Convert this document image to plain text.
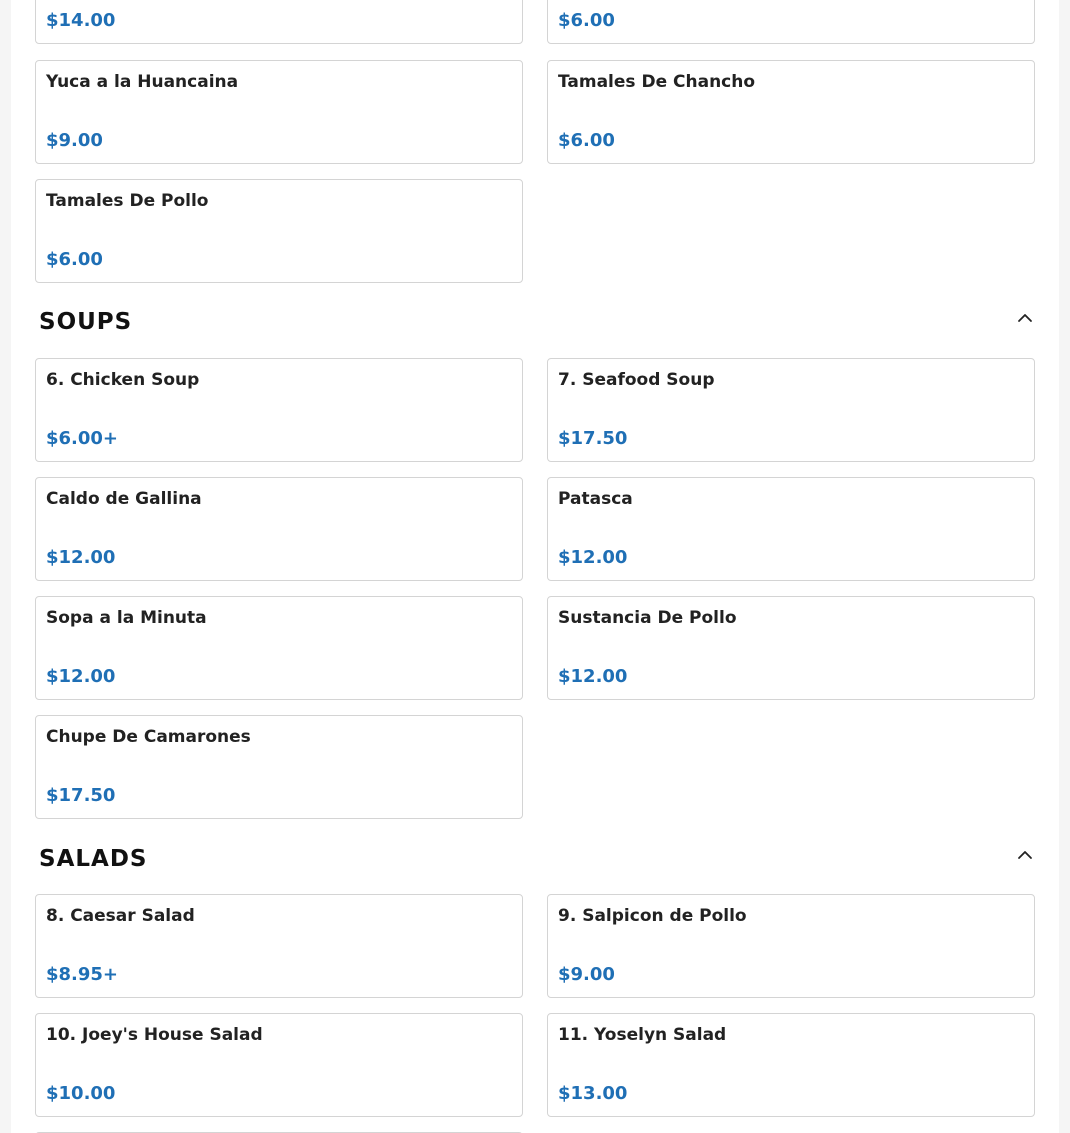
$14.00	$6.00
Yuca a la Huancaina
$9.00
Tamales De Chancho
$6.00
Tamales De Pollo
$6.00
SOUPS
6. Chicken Soup
$6.00+
7. Seafood Soup
$17.50
Caldo de Gallina
$12.00
Patasca
$12.00
Sopa a la Minuta
$12.00
Sustancia De Pollo
$12.00
Chupe De Camarones
$17.50
SALADS
8. Caesar Salad
$8.95+
9. Salpicon de Pollo
$9.00
10. Joey's House Salad
$10.00
11. Yoselyn Salad
$13.00
